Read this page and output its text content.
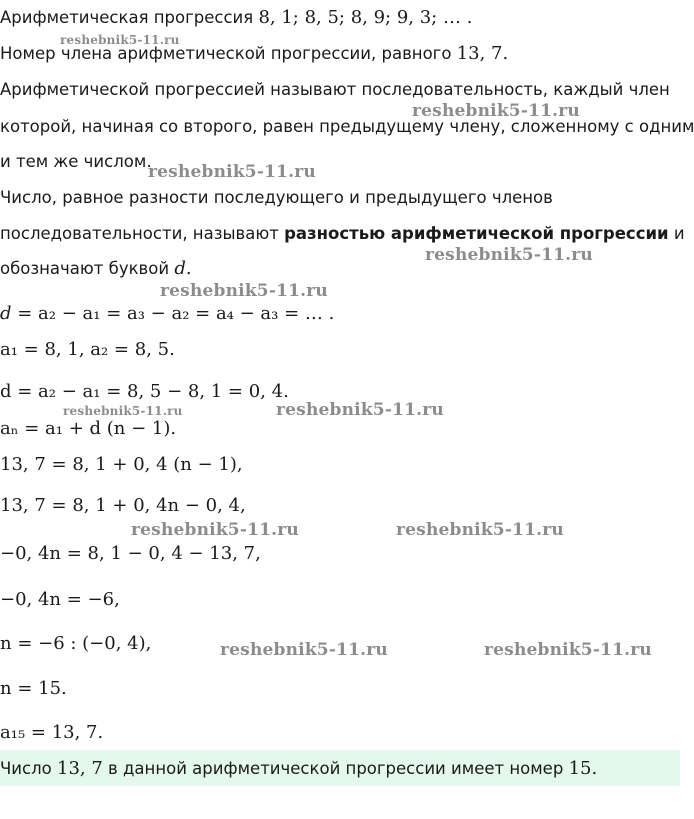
Арифметическая прогрессия 8, 1; 8, 5; 8, 9; 9, 3; … .
Номер члена арифметической прогрессии, равного 13, 7.
Арифметической прогрессией называют последовательность, каждый член
которой, начиная со второго, равен предыдущему члену, сложенному с одним
и тем же числом.
Число, равное разности последующего и предыдущего членов
последовательности, называют разностью арифметической прогрессии и
обозначают буквой d.
d = a₂ − a₁ = a₃ − a₂ = a₄ − a₃ = … .
a₁ = 8, 1, a₂ = 8, 5.
d = a₂ − a₁ = 8, 5 − 8, 1 = 0, 4.
aₙ = a₁ + d (n − 1).
13, 7 = 8, 1 + 0, 4 (n − 1),
13, 7 = 8, 1 + 0, 4n − 0, 4,
−0, 4n = 8, 1 − 0, 4 − 13, 7,
−0, 4n = −6,
n = −6 : (−0, 4),
n = 15.
a₁₅ = 13, 7.
Число 13, 7 в данной арифметической прогрессии имеет номер 15.
reshebnik5-11.ru
reshebnik5-11.ru
reshebnik5-11.ru
reshebnik5-11.ru
reshebnik5-11.ru
reshebnik5-11.ru	reshebnik5-11.ru
reshebnik5-11.ru	reshebnik5-11.ru
reshebnik5-11.ru	reshebnik5-11.ru
